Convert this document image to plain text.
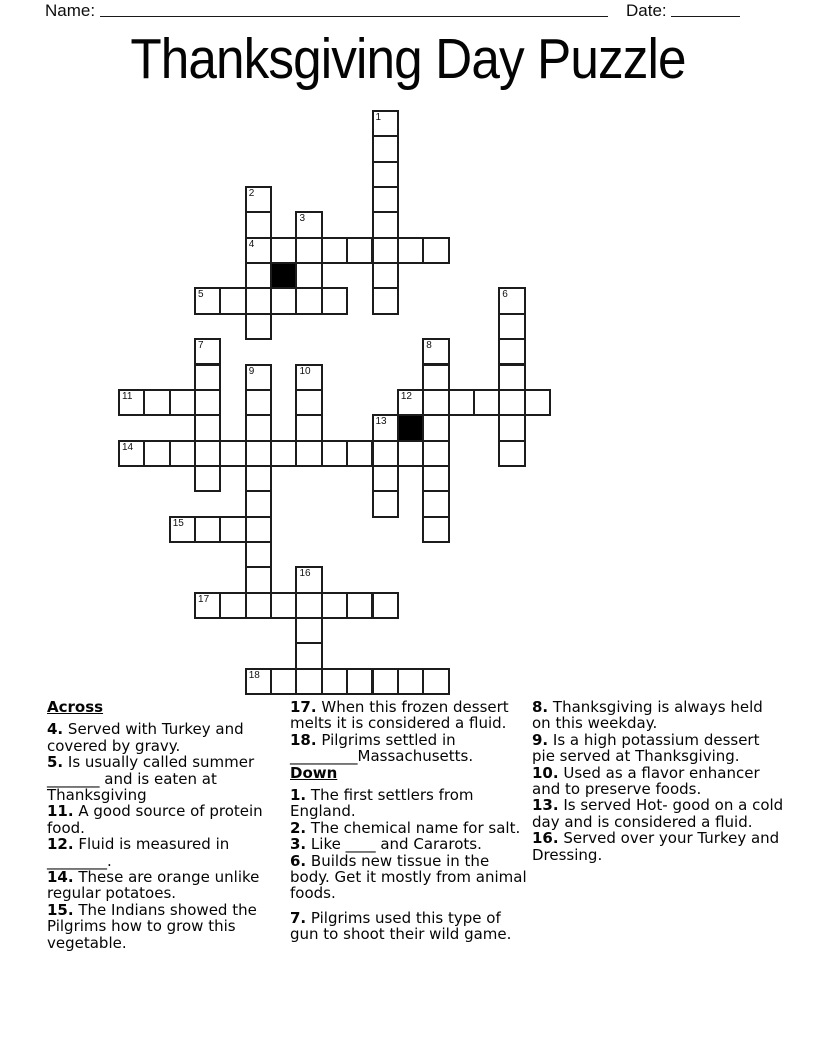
Name:	Date:
Thanksgiving Day Puzzle
1
2
4
3
5	6
7	8
9	10
11	12
13
14
15
16
17
18
Across
4. Served with Turkey and covered by gravy.
5. Is usually called summer _______ and is eaten at Thanksgiving
11. A good source of protein food.
12. Fluid is measured in ________.
14. These are orange unlike regular potatoes.
15. The Indians showed the Pilgrims how to grow this vegetable.
17. When this frozen dessert melts it is considered a fluid.
18. Pilgrims settled in _________Massachusetts.
Down
1. The first settlers from England.
2. The chemical name for salt.
3. Like ____ and Cararots.
6. Builds new tissue in the body. Get it mostly from animal foods.
7. Pilgrims used this type of gun to shoot their wild game.
8. Thanksgiving is always held on this weekday.
9. Is a high potassium dessert pie served at Thanksgiving.
10. Used as a flavor enhancer and to preserve foods.
13. Is served Hot- good on a cold day and is considered a fluid.
16. Served over your Turkey and Dressing.
